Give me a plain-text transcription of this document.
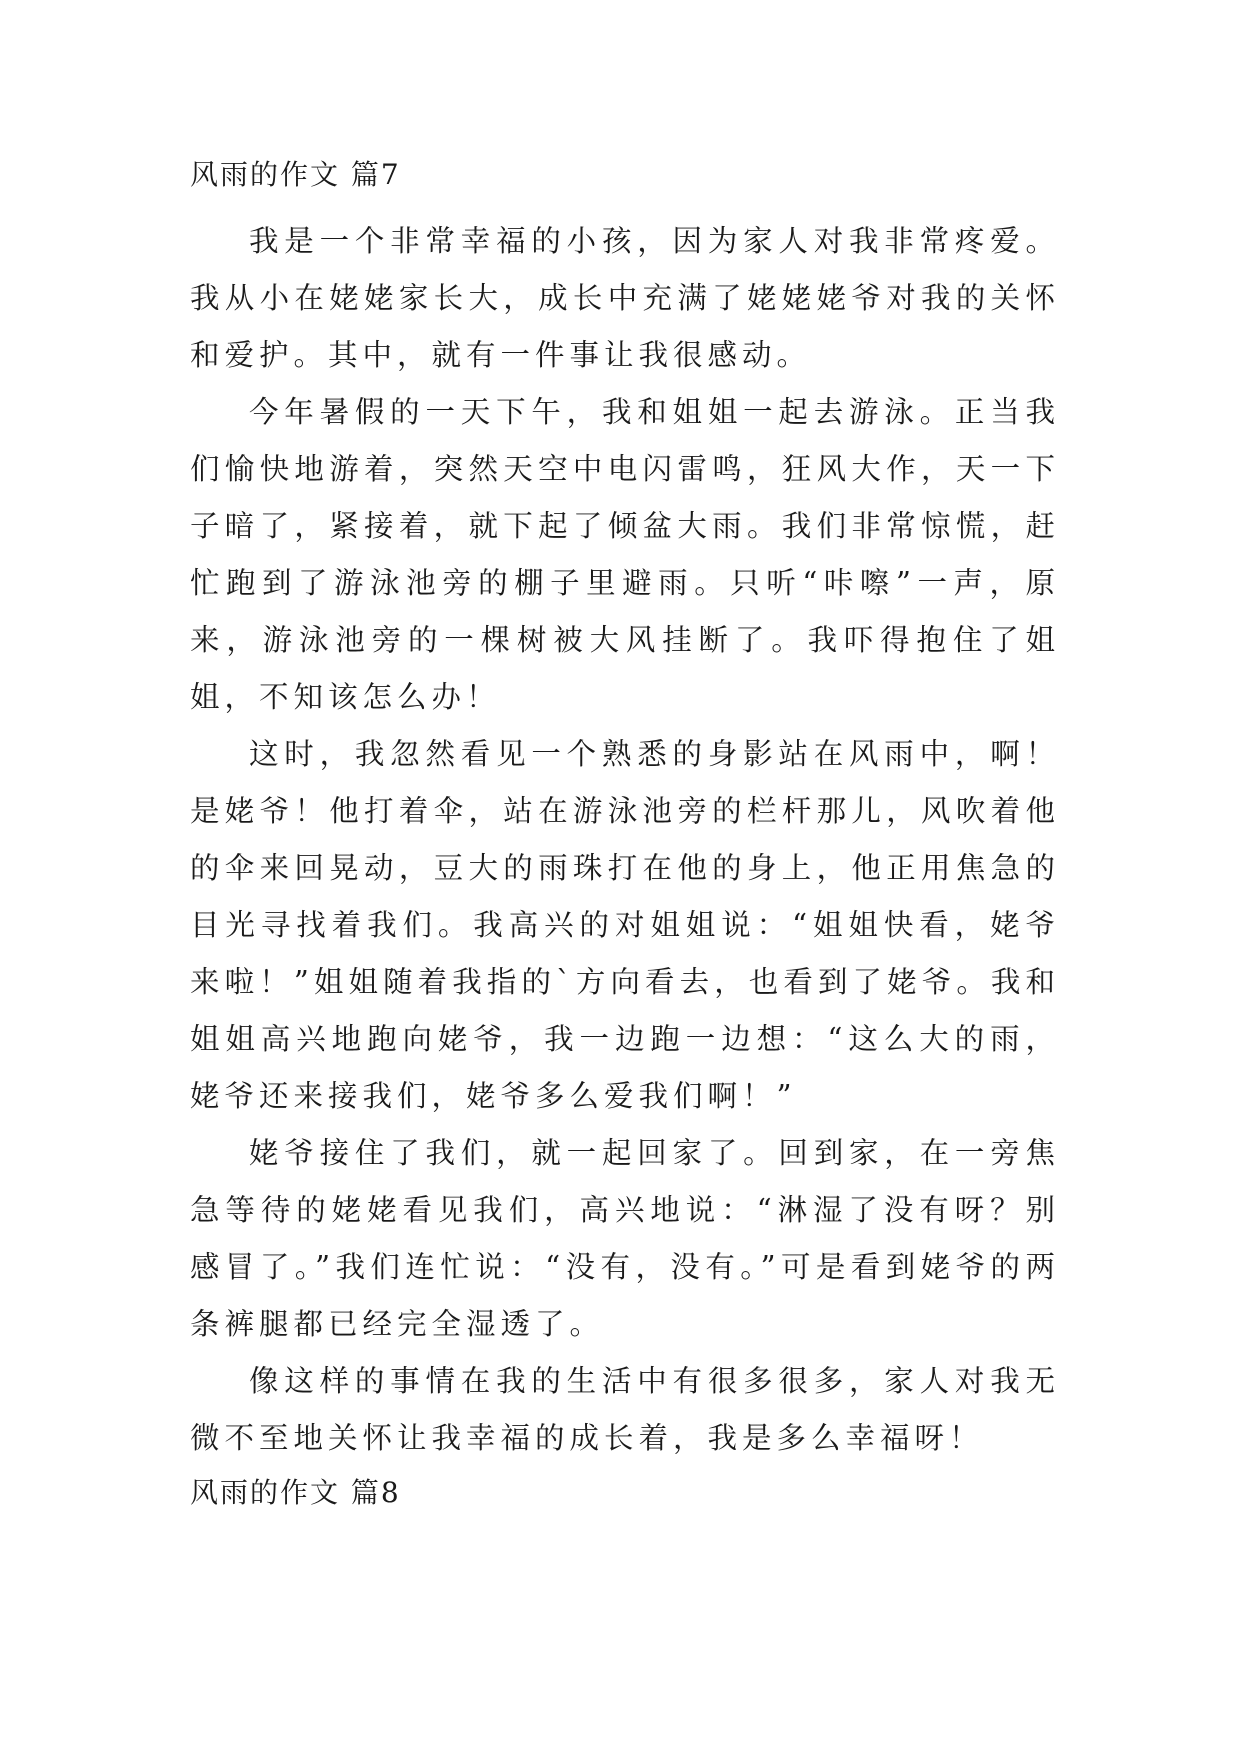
风雨的作文 篇7

我是一个非常幸福的小孩，因为家人对我非常疼爱。我从小在姥姥家长大，成长中充满了姥姥姥爷对我的关怀和爱护。其中，就有一件事让我很感动。

今年暑假的一天下午，我和姐姐一起去游泳。正当我们愉快地游着，突然天空中电闪雷鸣，狂风大作，天一下子暗了，紧接着，就下起了倾盆大雨。我们非常惊慌，赶忙跑到了游泳池旁的棚子里避雨。只听“咔嚓”一声，原来，游泳池旁的一棵树被大风挂断了。我吓得抱住了姐姐，不知该怎么办！

这时，我忽然看见一个熟悉的身影站在风雨中，啊！是姥爷！他打着伞，站在游泳池旁的栏杆那儿，风吹着他的伞来回晃动，豆大的雨珠打在他的身上，他正用焦急的目光寻找着我们。我高兴的对姐姐说：“姐姐快看，姥爷来啦！”姐姐随着我指的`方向看去，也看到了姥爷。我和姐姐高兴地跑向姥爷，我一边跑一边想：“这么大的雨，姥爷还来接我们，姥爷多么爱我们啊！”

姥爷接住了我们，就一起回家了。回到家，在一旁焦急等待的姥姥看见我们，高兴地说：“淋湿了没有呀？别感冒了。”我们连忙说：“没有，没有。”可是看到姥爷的两条裤腿都已经完全湿透了。

像这样的事情在我的生活中有很多很多，家人对我无微不至地关怀让我幸福的成长着，我是多么幸福呀！

风雨的作文 篇8
